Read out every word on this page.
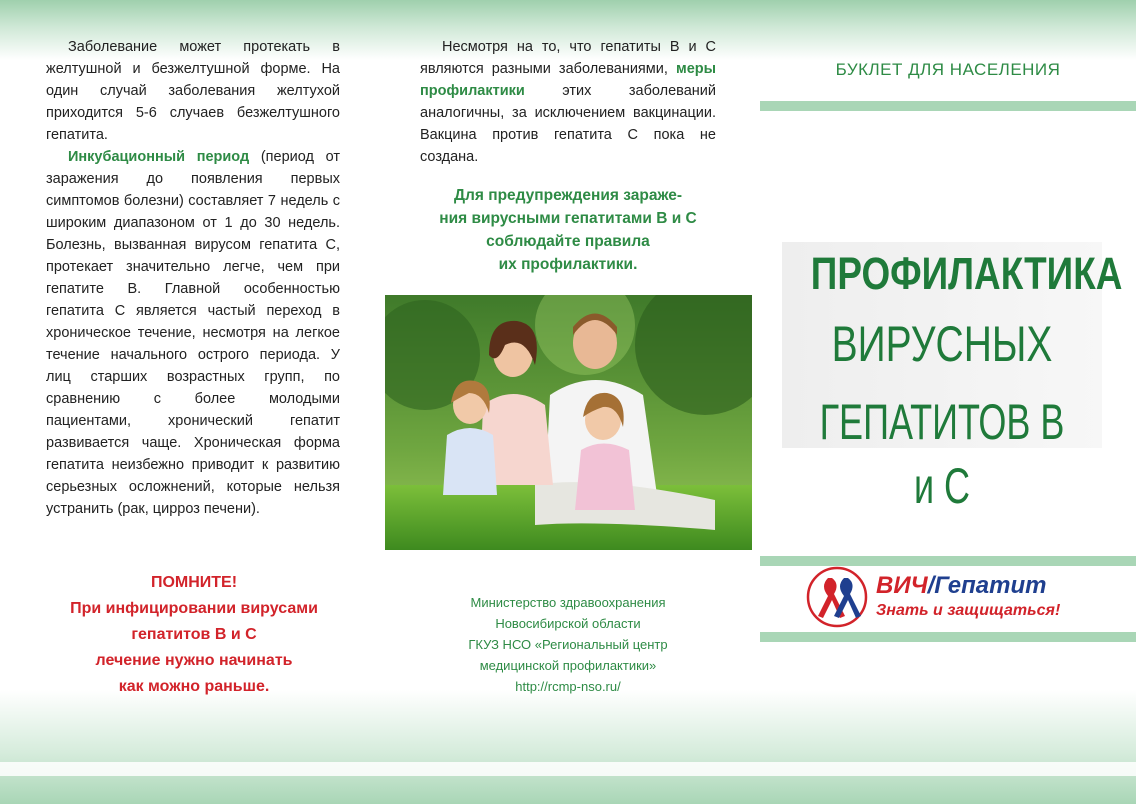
Заболевание может протекать в желтушной и безжелтушной форме. На один случай заболевания желтухой приходится 5-6 случаев безжелтушного гепатита.

Инкубационный период (период от заражения до появления первых симптомов болезни) составляет 7 недель с широким диапазоном от 1 до 30 недель. Болезнь, вызванная вирусом гепатита С, протекает значительно легче, чем при гепатите В. Главной особенностью гепатита С является частый переход в хроническое течение, несмотря на легкое течение начального острого периода. У лиц старших возрастных групп, по сравнению с более молодыми пациентами, хронический гепатит развивается чаще. Хроническая форма гепатита неизбежно приводит к развитию серьезных осложнений, которые нельзя устранить (рак, цирроз печени).

ПОМНИТЕ!
При инфицировании вирусами
гепатитов В и С
лечение нужно начинать
как можно раньше.

Несмотря на то, что гепатиты В и С являются разными заболеваниями, меры профилактики этих заболеваний аналогичны, за исключением вакцинации. Вакцина против гепатита С пока не создана.

Для предупреждения зараже-
ния вирусными гепатитами В и С
соблюдайте правила
их профилактики.
Министерство здравоохранения
Новосибирской области
ГКУЗ НСО «Региональный центр
медицинской профилактики»
http://rcmp-nso.ru/
БУКЛЕТ ДЛЯ НАСЕЛЕНИЯ
ПРОФИЛАКТИКА
ВИРУСНЫХ
ГЕПАТИТОВ В и С
ВИЧ/Гепатит
Знать и защищаться!
